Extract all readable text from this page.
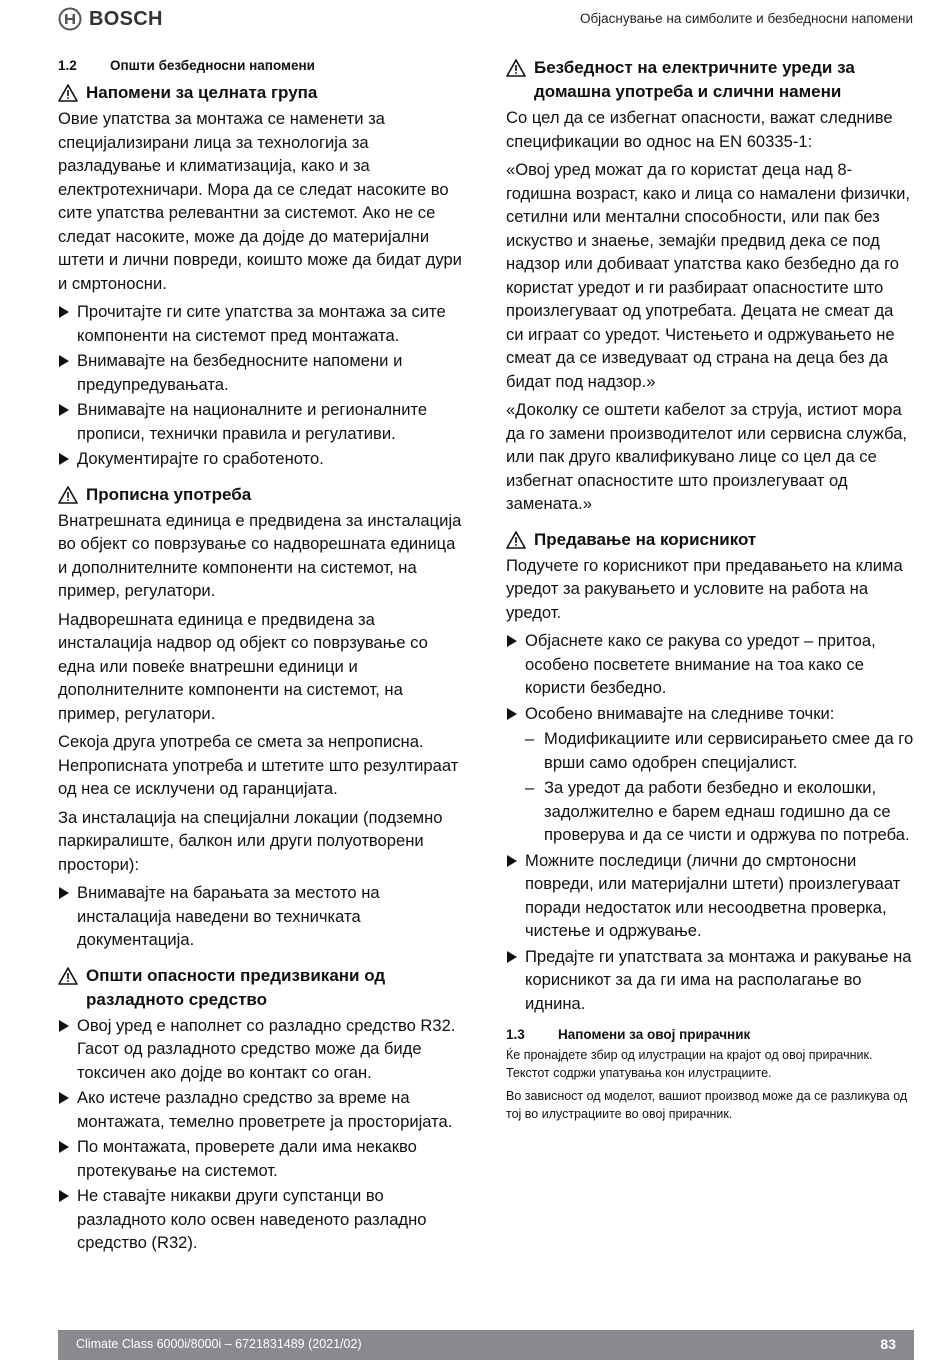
BOSCH	Објаснување на симболите и безбедносни напомени
1.2	Општи безбедносни напомени
Напомени за целната група

Овие упатства за монтажа се наменети за специјализирани лица за технологија за разладување и климатизација, како и за електротехничари. Мора да се следат насоките во сите упатства релевантни за системот. Ако не се следат насоките, може да дојде до материјални штети и лични повреди, коишто може да бидат дури и смртоносни.

Прочитајте ги сите упатства за монтажа за сите компоненти на системот пред монтажата.
Внимавајте на безбедносните напомени и предупредувањата.
Внимавајте на националните и регионалните прописи, технички правила и регулативи.
Документирајте го сработеното.
Прописна употреба

Внатрешната единица е предвидена за инсталација во објект со поврзување со надворешната единица и дополнителните компоненти на системот, на пример, регулатори.

Надворешната единица е предвидена за инсталација надвор од објект со поврзување со една или повеќе внатрешни единици и дополнителните компоненти на системот, на пример, регулатори.

Секоја друга употреба се смета за непрописна. Непрописната употреба и штетите што резултираат од неа се исклучени од гаранцијата.

За инсталација на специјални локации (подземно паркиралиште, балкон или други полуотворени простори):

Внимавајте на барањата за местото на инсталација наведени во техничката документација.
Општи опасности предизвикани од разладното средство
Овој уред е наполнет со разладно средство R32. Гасот од разладното средство може да биде токсичен ако дојде во контакт со оган.
Ако истече разладно средство за време на монтажата, темелно проветрете ја просторијата.
По монтажата, проверете дали има некакво протекување на системот.
Не ставајте никакви други супстанци во разладното коло освен наведеното разладно средство (R32).
Безбедност на електричните уреди за домашна употреба и слични намени

Со цел да се избегнат опасности, важат следниве спецификации во однос на EN 60335-1:

«Овој уред можат да го користат деца над 8-годишна возраст, како и лица со намалени физички, сетилни или ментални способности, или пак без искуство и знаење, земајќи предвид дека се под надзор или добиваат упатства како безбедно да го користат уредот и ги разбираат опасностите што произлегуваат од употребата. Децата не смеат да си играат со уредот. Чистењето и одржувањето не смеат да се изведуваат од страна на деца без да бидат под надзор.»

«Доколку се оштети кабелот за струја, истиот мора да го замени производителот или сервисна служба, или пак друго квалификувано лице со цел да се избегнат опасностите што произлегуваат од замената.»

Предавање на корисникот

Подучете го корисникот при предавањето на клима уредот за ракувањето и условите на работа на уредот.

Објаснете како се ракува со уредот – притоа, особено посветете внимание на тоа како се користи безбедно.
Особено внимавајте на следниве точки:
– Модификациите или сервисирањето смее да го врши само одобрен специјалист.
– За уредот да работи безбедно и еколошки, задолжително е барем еднаш годишно да се проверува и да се чисти и одржува по потреба.
Можните последици (лични до смртоносни повреди, или материјални штети) произлегуваат поради недостаток или несоодветна проверка, чистење и одржување.
Предајте ги упатствата за монтажа и ракување на корисникот за да ги има на располагање во иднина.
1.3	Напомени за овој прирачник

Ќе пронајдете збир од илустрации на крајот од овој прирачник. Текстот содржи упатувања кон илустрациите.

Во зависност од моделот, вашиот производ може да се разликува од тој во илустрациите во овој прирачник.

Climate Class 6000i/8000i – 6721831489 (2021/02)	83
